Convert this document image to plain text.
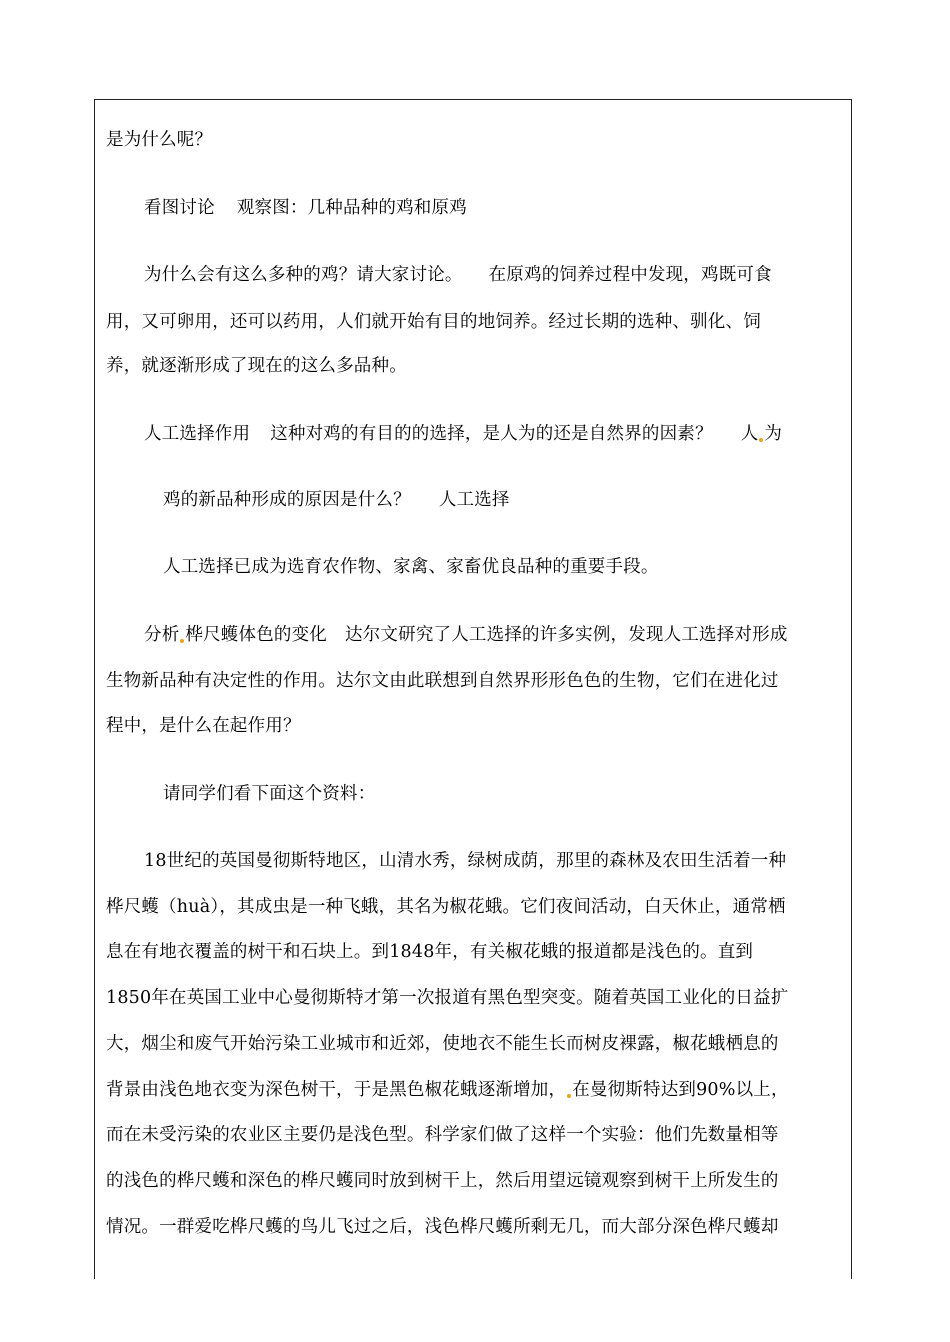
是为什么呢？
看图讨论 观察图：几种品种的鸡和原鸡
为什么会有这么多种的鸡？请大家讨论。 在原鸡的饲养过程中发现，鸡既可食
用，又可卵用，还可以药用，人们就开始有目的地饲养。经过长期的选种、驯化、饲
养，就逐渐形成了现在的这么多品种。
人工选择作用 这种对鸡的有目的的选择，是人为的还是自然界的因素？ 人 为
鸡的新品种形成的原因是什么？ 人工选择
人工选择已成为选育农作物、家禽、家畜优良品种的重要手段。
分析 桦尺蠖体色的变化 达尔文研究了人工选择的许多实例，发现人工选择对形成
生物新品种有决定性的作用。达尔文由此联想到自然界形形色色的生物，它们在进化过
程中，是什么在起作用？
请同学们看下面这个资料：
18世纪的英国曼彻斯特地区，山清水秀，绿树成荫，那里的森林及农田生活着一种
桦尺蠖（huà），其成虫是一种飞蛾，其名为椒花蛾。它们夜间活动，白天休止，通常栖
息在有地衣覆盖的树干和石块上。到1848年，有关椒花蛾的报道都是浅色的。直到
1850年在英国工业中心曼彻斯特才第一次报道有黑色型突变。随着英国工业化的日益扩
大，烟尘和废气开始污染工业城市和近郊，使地衣不能生长而树皮裸露，椒花蛾栖息的
背景由浅色地衣变为深色树干，于是黑色椒花蛾逐渐增加， 在曼彻斯特达到90%以上，
而在未受污染的农业区主要仍是浅色型。科学家们做了这样一个实验：他们先数量相等
的浅色的桦尺蠖和深色的桦尺蠖同时放到树干上，然后用望远镜观察到树干上所发生的
情况。一群爱吃桦尺蠖的鸟儿飞过之后，浅色桦尺蠖所剩无几，而大部分深色桦尺蠖却
